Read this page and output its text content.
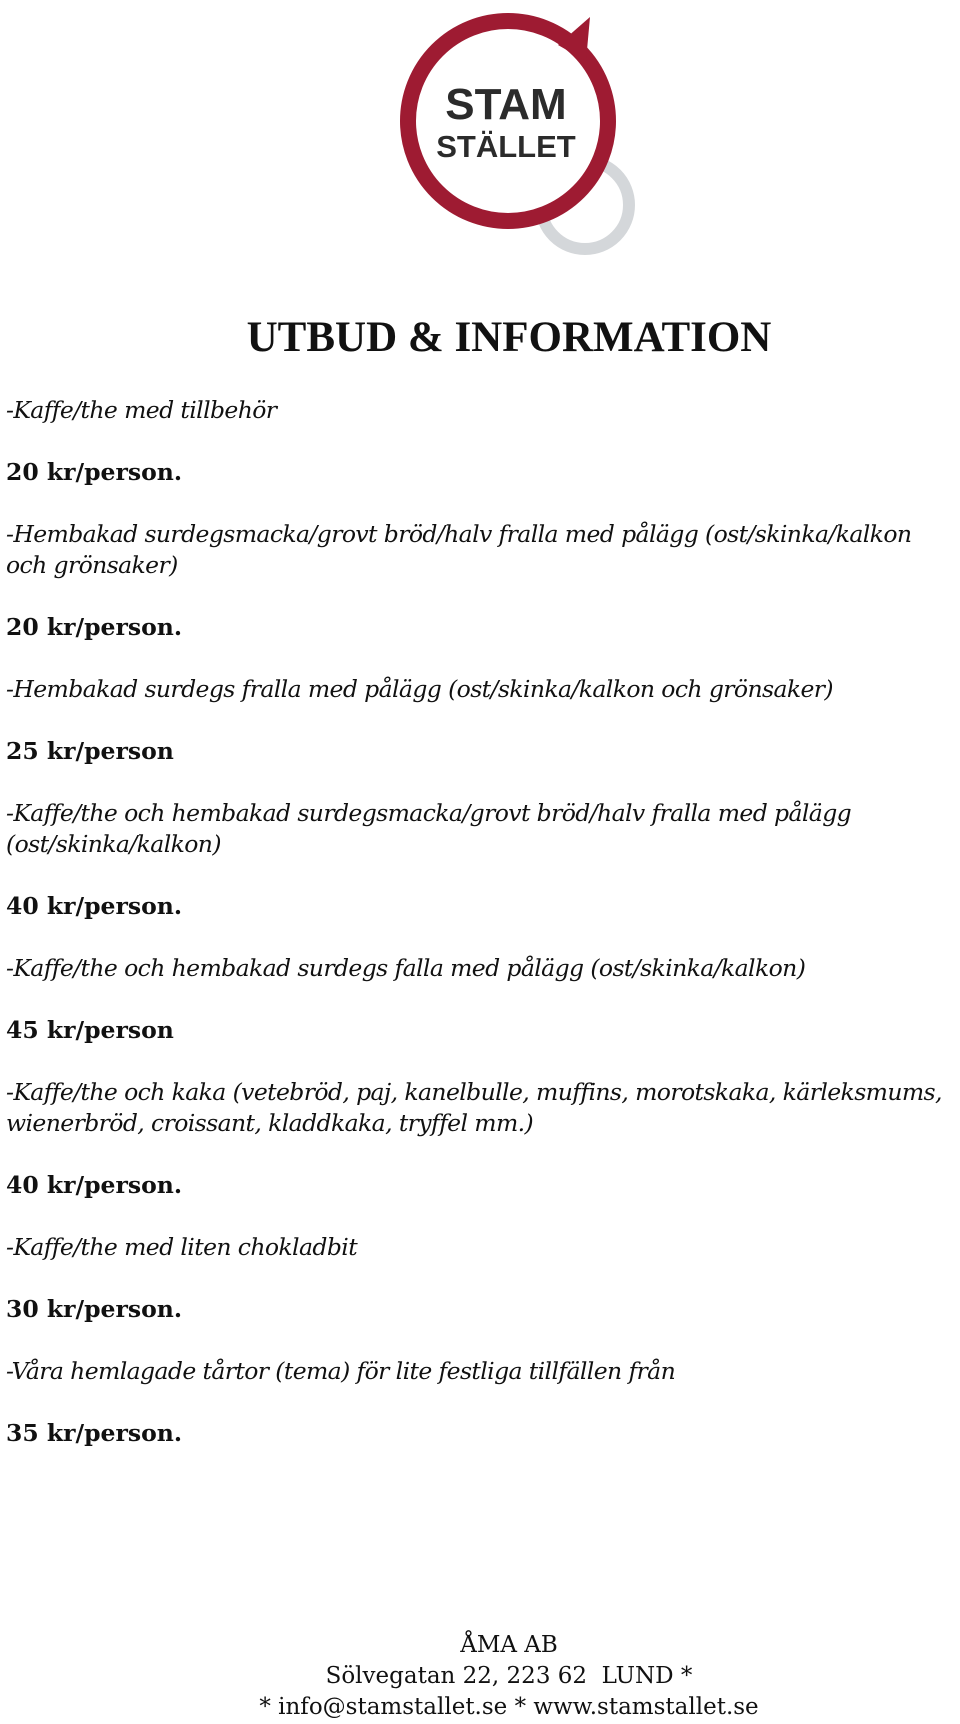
STAM
STÄLLET
UTBUD & INFORMATION

-Kaffe/the med tillbehör

20 kr/person.

-Hembakad surdegsmacka/grovt bröd/halv fralla med pålägg (ost/skinka/kalkon och grönsaker)

20 kr/person.

-Hembakad surdegs fralla med pålägg (ost/skinka/kalkon och grönsaker)

25 kr/person

-Kaffe/the och hembakad surdegsmacka/grovt bröd/halv fralla med pålägg (ost/skinka/kalkon)

40 kr/person.

-Kaffe/the och hembakad surdegs falla med pålägg (ost/skinka/kalkon)

45 kr/person

-Kaffe/the och kaka (vetebröd, paj, kanelbulle, muffins, morotskaka, kärleksmums, wienerbröd, croissant, kladdkaka, tryffel mm.)

40 kr/person.

-Kaffe/the med liten chokladbit

30 kr/person.

-Våra hemlagade tårtor (tema) för lite festliga tillfällen från

35 kr/person.

ÅMA AB
Sölvegatan 22, 223 62  LUND *
* info@stamstallet.se * www.stamstallet.se
